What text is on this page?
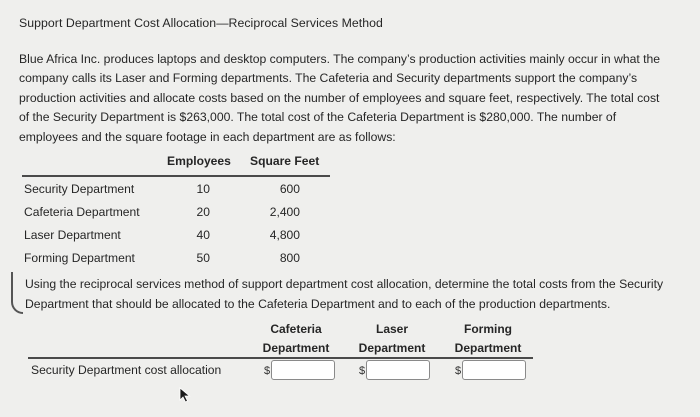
Support Department Cost Allocation—Reciprocal Services Method
Blue Africa Inc. produces laptops and desktop computers. The company’s production activities mainly occur in what the
company calls its Laser and Forming departments. The Cafeteria and Security departments support the company’s
production activities and allocate costs based on the number of employees and square feet, respectively. The total cost
of the Security Department is $263,000. The total cost of the Cafeteria Department is $280,000. The number of
employees and the square footage in each department are as follows:
Employees Square Feet
Security Department	10	600
Cafeteria Department	20	2,400
Laser Department	40	4,800
Forming Department	50	800
Using the reciprocal services method of support department cost allocation, determine the total costs from the Security
Department that should be allocated to the Cafeteria Department and to each of the production departments.
Cafeteria
Department
Laser
Department
Forming
Department
Security Department cost allocation	$	$	$
